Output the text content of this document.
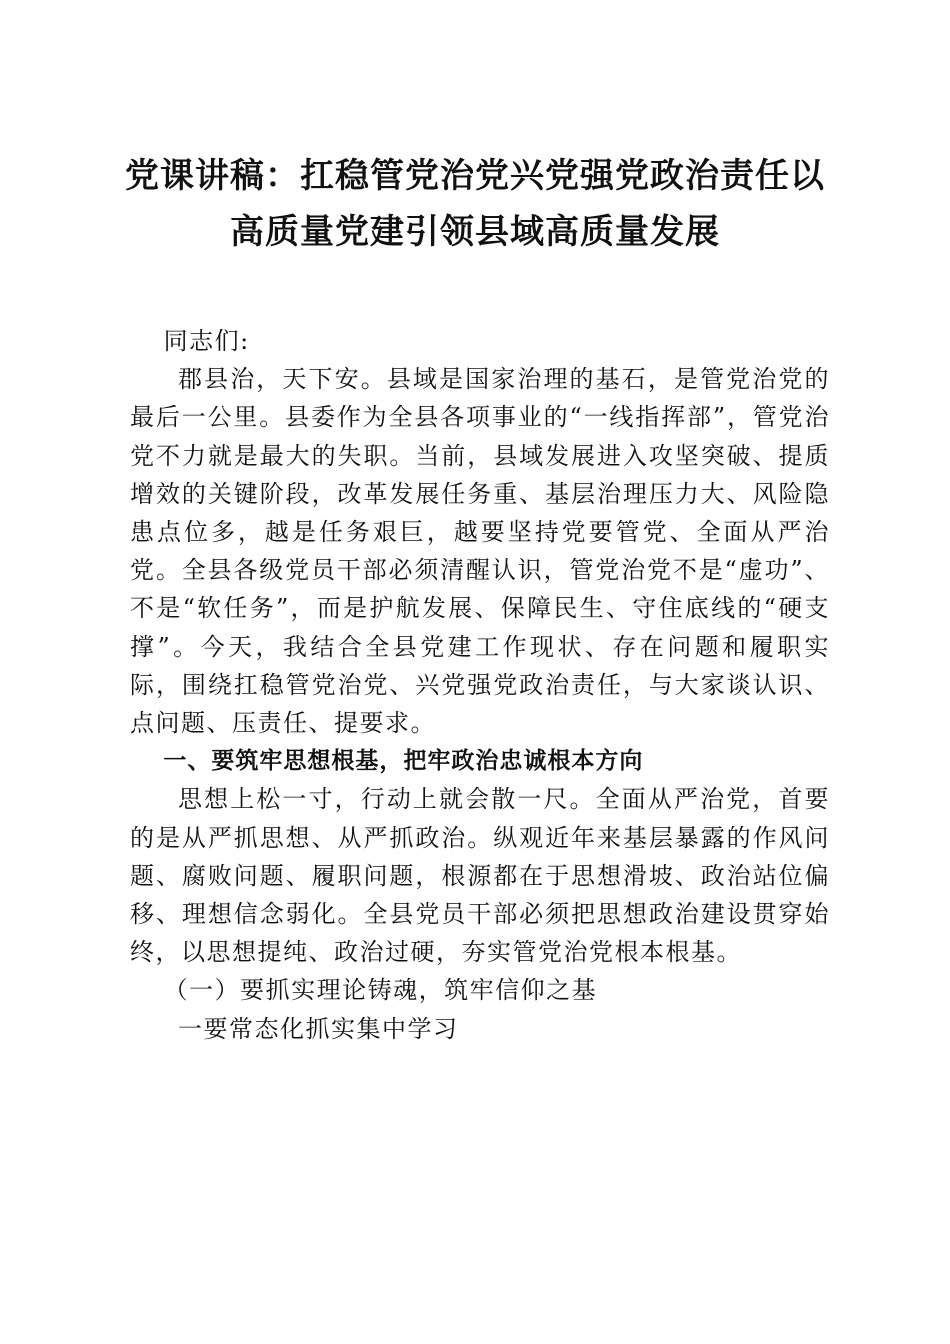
党课讲稿：扛稳管党治党兴党强党政治责任以
高质量党建引领县域高质量发展

同志们:

郡县治，天下安。县域是国家治理的基石，是管党治党的最后一公里。县委作为全县各项事业的“一线指挥部”，管党治党不力就是最大的失职。当前，县域发展进入攻坚突破、提质增效的关键阶段，改革发展任务重、基层治理压力大、风险隐患点位多，越是任务艰巨，越要坚持党要管党、全面从严治党。全县各级党员干部必须清醒认识，管党治党不是“虚功”、不是“软任务”，而是护航发展、保障民生、守住底线的“硬支撑”。今天，我结合全县党建工作现状、存在问题和履职实际，围绕扛稳管党治党、兴党强党政治责任，与大家谈认识、点问题、压责任、提要求。

一、要筑牢思想根基，把牢政治忠诚根本方向

思想上松一寸，行动上就会散一尺。全面从严治党，首要的是从严抓思想、从严抓政治。纵观近年来基层暴露的作风问题、腐败问题、履职问题，根源都在于思想滑坡、政治站位偏移、理想信念弱化。全县党员干部必须把思想政治建设贯穿始终，以思想提纯、政治过硬，夯实管党治党根本根基。

（一）要抓实理论铸魂，筑牢信仰之基

一要常态化抓实集中学习
